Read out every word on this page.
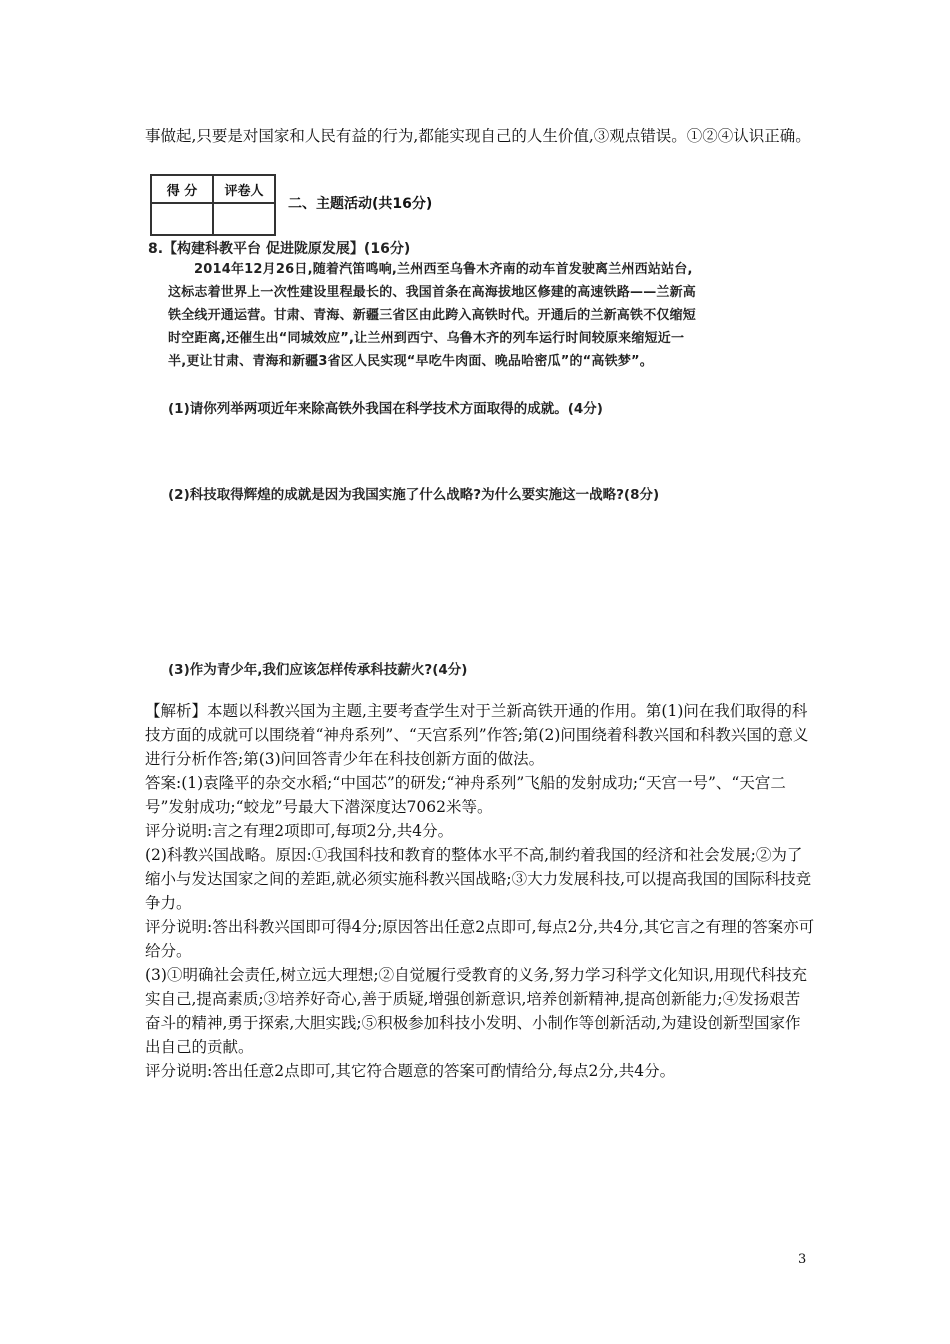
事做起,只要是对国家和人民有益的行为,都能实现自己的人生价值,③观点错误。①②④认识正确。
得 分	评卷人

二、主题活动(共16分)
8.【构建科教平台 促进陇原发展】(16分)

2014年12月26日,随着汽笛鸣响,兰州西至乌鲁木齐南的动车首发驶离兰州西站站台,

这标志着世界上一次性建设里程最长的、我国首条在高海拔地区修建的高速铁路——兰新高

铁全线开通运营。甘肃、青海、新疆三省区由此跨入高铁时代。开通后的兰新高铁不仅缩短

时空距离,还催生出“同城效应”,让兰州到西宁、乌鲁木齐的列车运行时间较原来缩短近一

半,更让甘肃、青海和新疆3省区人民实现“早吃牛肉面、晚品哈密瓜”的“高铁梦”。

(1)请你列举两项近年来除高铁外我国在科学技术方面取得的成就。(4分)
(2)科技取得辉煌的成就是因为我国实施了什么战略?为什么要实施这一战略?(8分)
(3)作为青少年,我们应该怎样传承科技薪火?(4分)

【解析】本题以科教兴国为主题,主要考查学生对于兰新高铁开通的作用。第(1)问在我们取得的科技方面的成就可以围绕着“神舟系列”、“天宫系列”作答;第(2)问围绕着科教兴国和科教兴国的意义进行分析作答;第(3)问回答青少年在科技创新方面的做法。

答案:(1)袁隆平的杂交水稻;“中国芯”的研发;“神舟系列”飞船的发射成功;“天宫一号”、“天宫二号”发射成功;“蛟龙”号最大下潜深度达7062米等。

评分说明:言之有理2项即可,每项2分,共4分。

(2)科教兴国战略。原因:①我国科技和教育的整体水平不高,制约着我国的经济和社会发展;②为了缩小与发达国家之间的差距,就必须实施科教兴国战略;③大力发展科技,可以提高我国的国际科技竞争力。

评分说明:答出科教兴国即可得4分;原因答出任意2点即可,每点2分,共4分,其它言之有理的答案亦可给分。

(3)①明确社会责任,树立远大理想;②自觉履行受教育的义务,努力学习科学文化知识,用现代科技充实自己,提高素质;③培养好奇心,善于质疑,增强创新意识,培养创新精神,提高创新能力;④发扬艰苦奋斗的精神,勇于探索,大胆实践;⑤积极参加科技小发明、小制作等创新活动,为建设创新型国家作出自己的贡献。

评分说明:答出任意2点即可,其它符合题意的答案可酌情给分,每点2分,共4分。

3
